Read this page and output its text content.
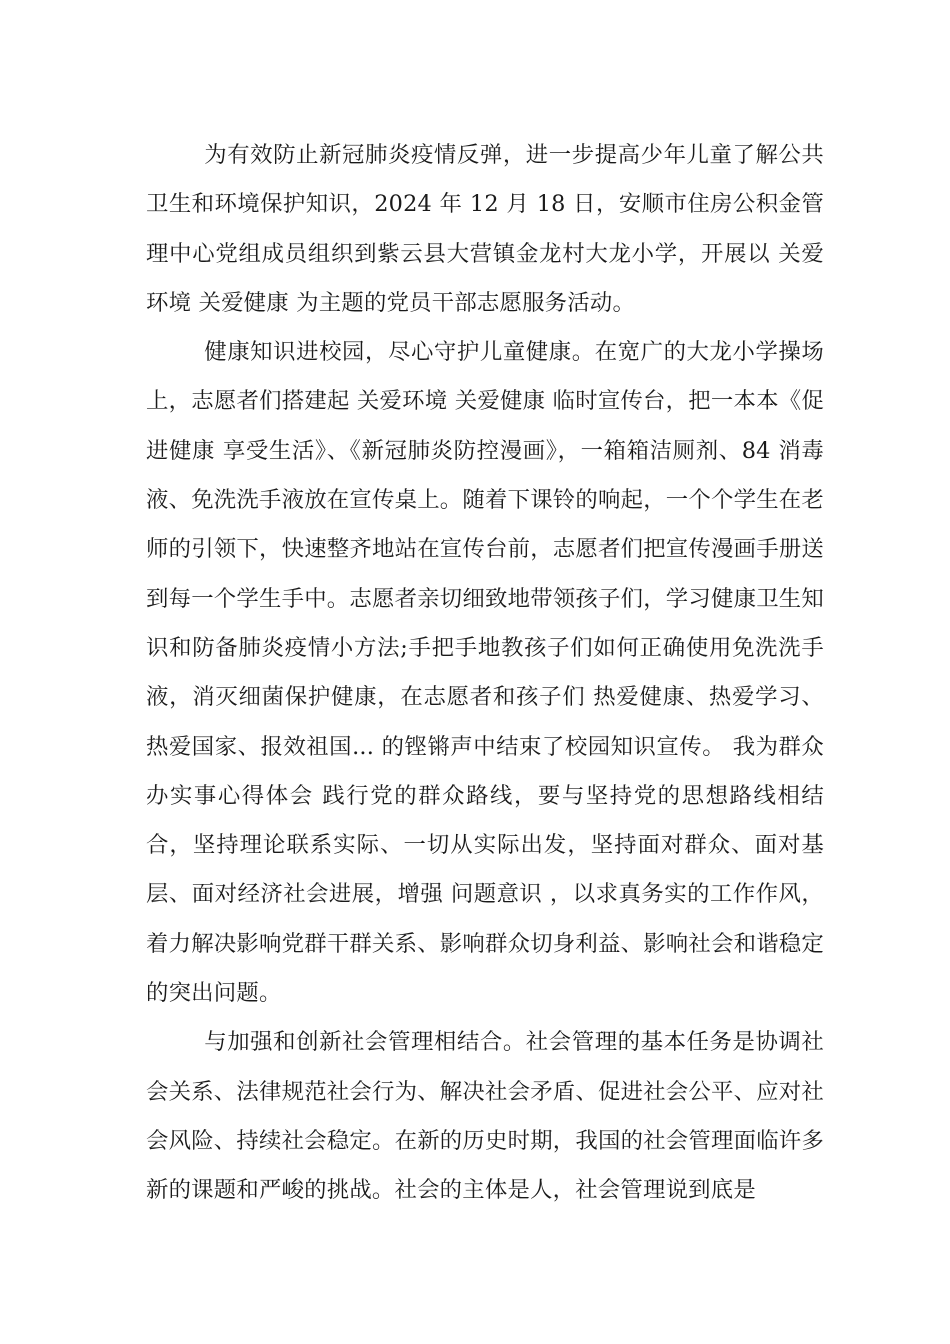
为有效防止新冠肺炎疫情反弹，进一步提高少年儿童了解公共卫生和环境保护知识，2024 年 12 月 18 日，安顺市住房公积金管理中心党组成员组织到紫云县大营镇金龙村大龙小学，开展以 关爱环境 关爱健康 为主题的党员干部志愿服务活动。

健康知识进校园，尽心守护儿童健康。在宽广的大龙小学操场上，志愿者们搭建起 关爱环境 关爱健康 临时宣传台，把一本本《促进健康 享受生活》、《新冠肺炎防控漫画》，一箱箱洁厕剂、84 消毒液、免洗洗手液放在宣传桌上。随着下课铃的响起，一个个学生在老师的引领下，快速整齐地站在宣传台前，志愿者们把宣传漫画手册送到每一个学生手中。志愿者亲切细致地带领孩子们，学习健康卫生知识和防备肺炎疫情小方法;手把手地教孩子们如何正确使用免洗洗手液，消灭细菌保护健康，在志愿者和孩子们 热爱健康、热爱学习、热爱国家、报效祖国... 的铿锵声中结束了校园知识宣传。 我为群众办实事心得体会 践行党的群众路线，要与坚持党的思想路线相结合，坚持理论联系实际、一切从实际出发，坚持面对群众、面对基层、面对经济社会进展，增强 问题意识 ，以求真务实的工作作风，着力解决影响党群干群关系、影响群众切身利益、影响社会和谐稳定的突出问题。

与加强和创新社会管理相结合。社会管理的基本任务是协调社会关系、法律规范社会行为、解决社会矛盾、促进社会公平、应对社会风险、持续社会稳定。在新的历史时期，我国的社会管理面临许多新的课题和严峻的挑战。社会的主体是人，社会管理说到底是
